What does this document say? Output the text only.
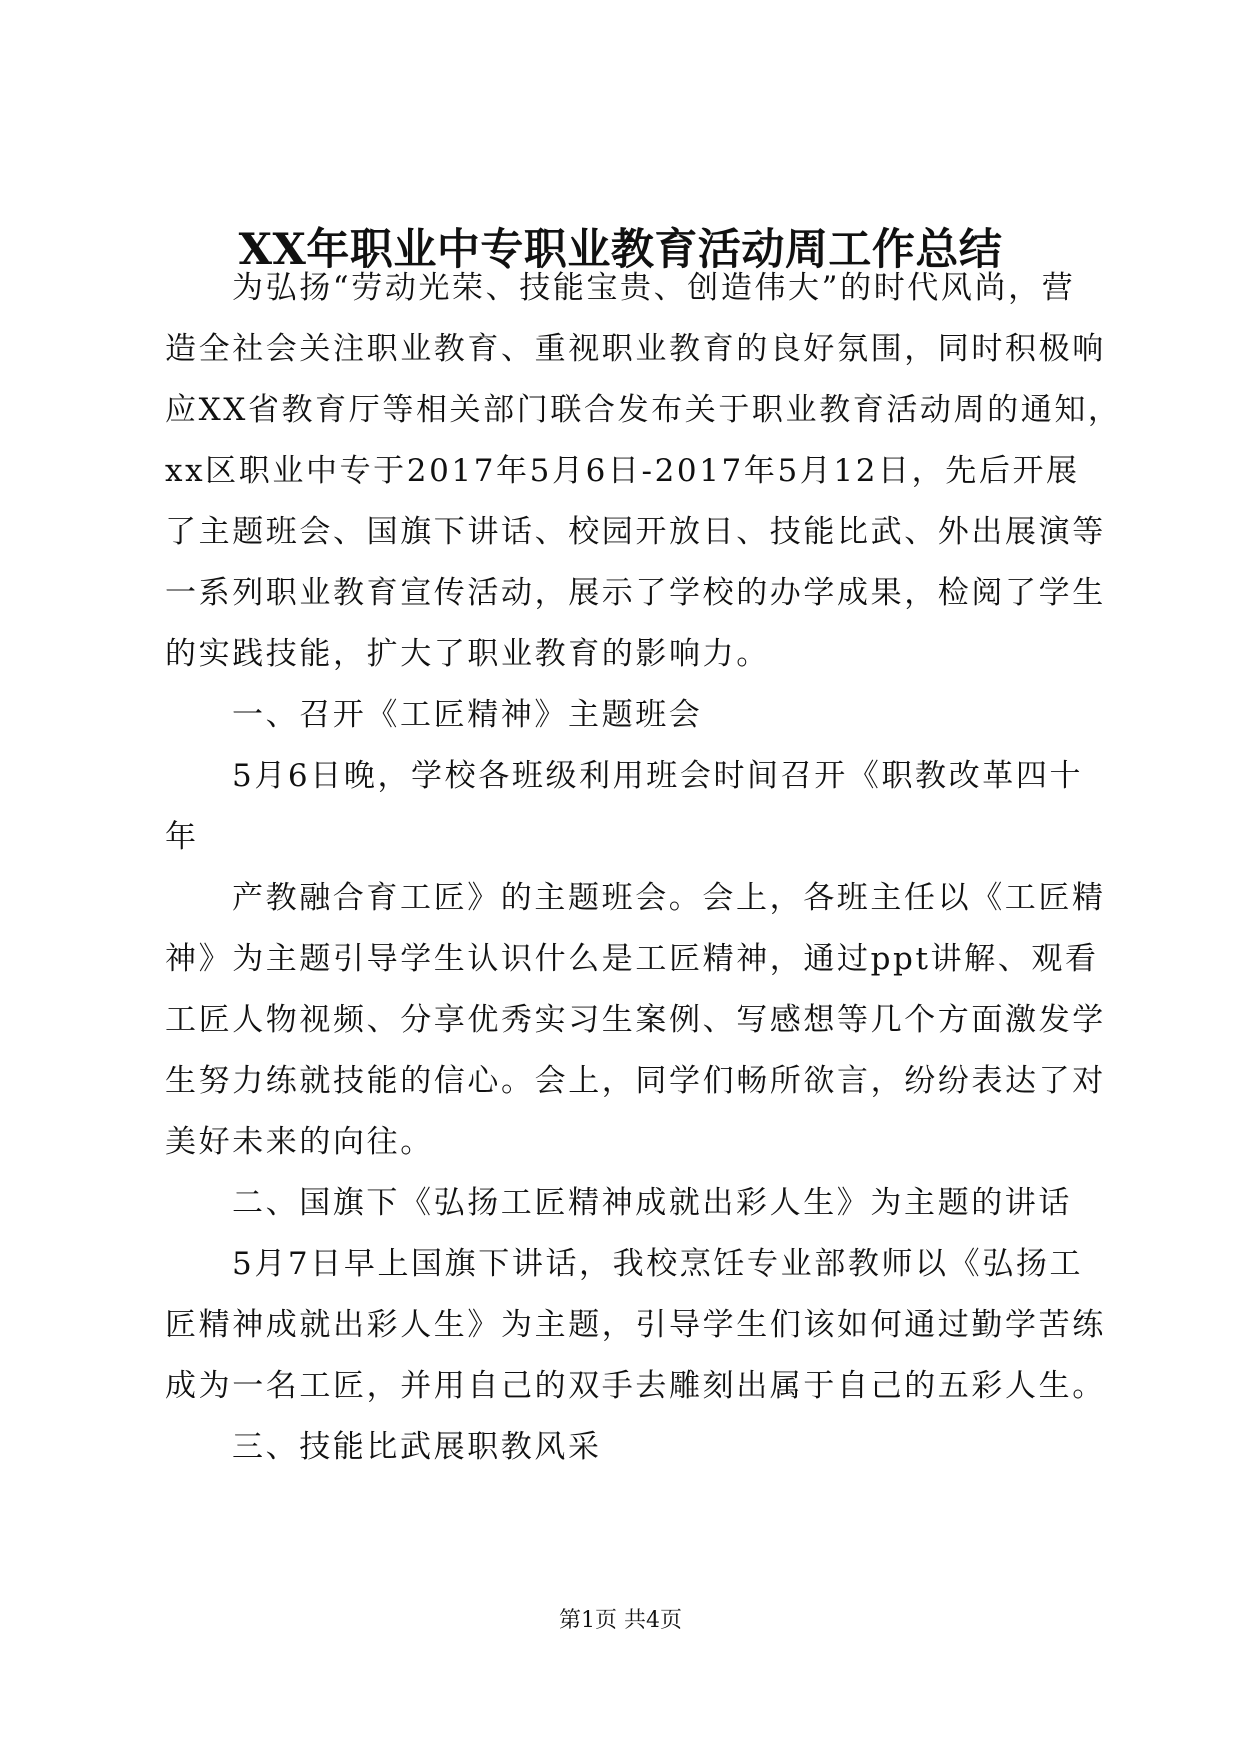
XX年职业中专职业教育活动周工作总结
为弘扬“劳动光荣、技能宝贵、创造伟大”的时代风尚，营
造全社会关注职业教育、重视职业教育的良好氛围，同时积极响
应XX省教育厅等相关部门联合发布关于职业教育活动周的通知，
xx区职业中专于2017年5月6日-2017年5月12日，先后开展
了主题班会、国旗下讲话、校园开放日、技能比武、外出展演等
一系列职业教育宣传活动，展示了学校的办学成果，检阅了学生
的实践技能，扩大了职业教育的影响力。
一、召开《工匠精神》主题班会
5月6日晚，学校各班级利用班会时间召开《职教改革四十
年
产教融合育工匠》的主题班会。会上，各班主任以《工匠精
神》为主题引导学生认识什么是工匠精神，通过ppt讲解、观看
工匠人物视频、分享优秀实习生案例、写感想等几个方面激发学
生努力练就技能的信心。会上，同学们畅所欲言，纷纷表达了对
美好未来的向往。
二、国旗下《弘扬工匠精神成就出彩人生》为主题的讲话
5月7日早上国旗下讲话，我校烹饪专业部教师以《弘扬工
匠精神成就出彩人生》为主题，引导学生们该如何通过勤学苦练
成为一名工匠，并用自己的双手去雕刻出属于自己的五彩人生。
三、技能比武展职教风采
第1页 共4页
